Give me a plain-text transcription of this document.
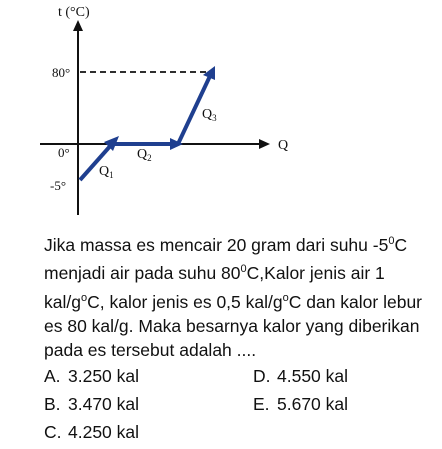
t (°C)
Q
80°
0°
-5°
$Q_1$
$Q_2$
$Q_3$

Jika massa es mencair 20 gram dari suhu $-5^0C$ menjadi air pada suhu $80^0C,Kalor$ jenis air 1 kal/$g^oC$, kalor jenis es 0,5 kal/$g^oC$ dan kalor lebur es 80 kal/g. Maka besarnya kalor yang diberikan pada es tersebut adalah ....

A. 3.250 kal
B. 3.470 kal
C. 4.250 kal
D. 4.550 kal
E. 5.670 kal
